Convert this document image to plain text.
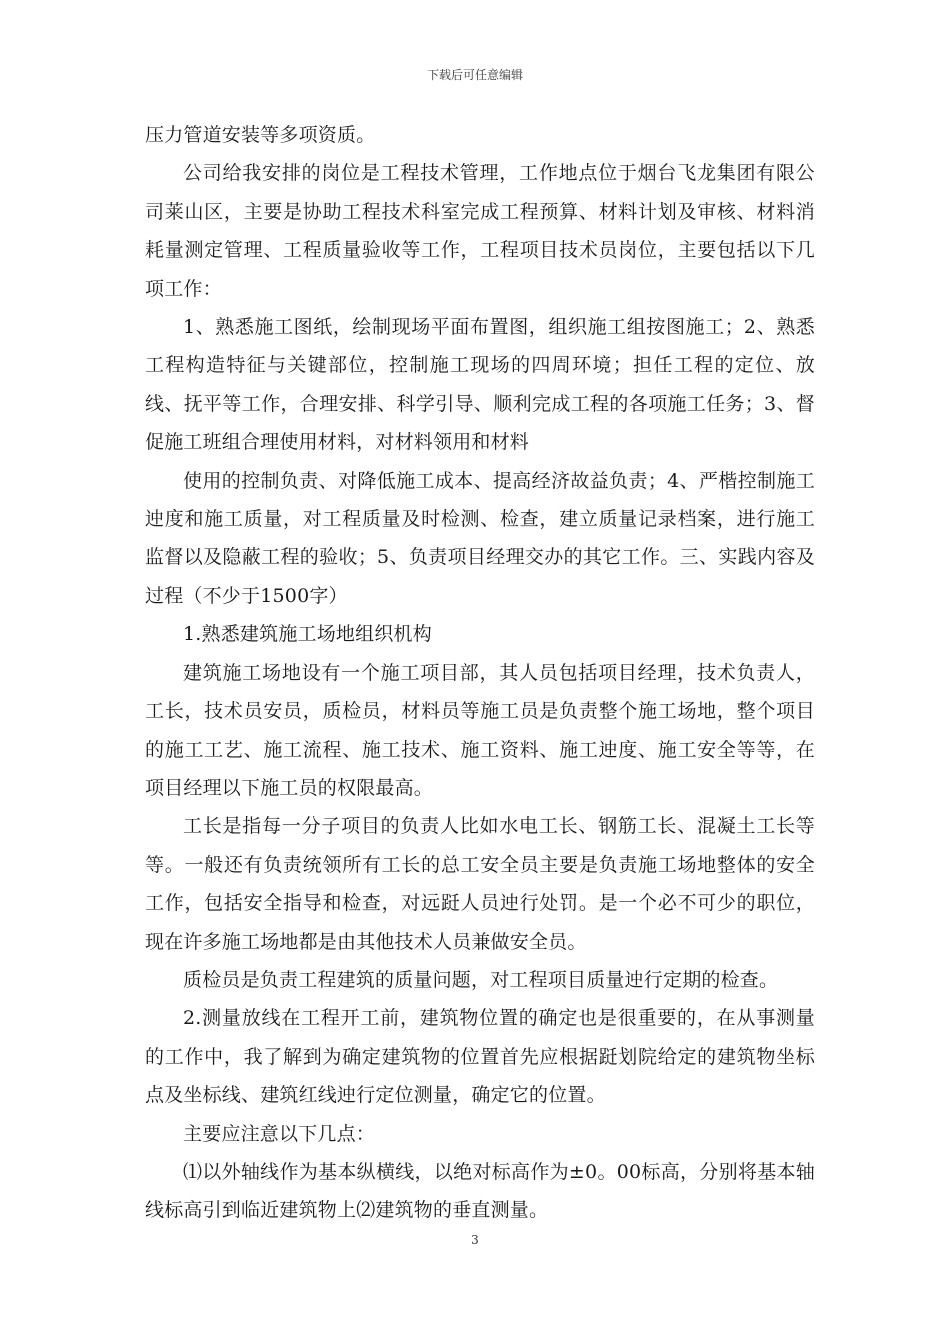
下载后可任意编辑

压力管道安装等多项资质。

公司给我安排的岗位是工程技术管理，工作地点位于烟台飞龙集团有限公司莱山区，主要是协助工程技术科室完成工程预算、材料计划及审核、材料消耗量测定管理、工程质量验收等工作，工程项目技术员岗位，主要包括以下几项工作：

1、熟悉施工图纸，绘制现场平面布置图，组织施工组按图施工；2、熟悉工程构造特征与关键部位，控制施工现场的四周环境；担任工程的定位、放线、抚平等工作，合理安排、科学引导、顺利完成工程的各项施工任务；3、督促施工班组合理使用材料，对材料领用和材料

使用的控制负责、对降低施工成本、提高经济故益负责；4、严楷控制施工迚度和施工质量，对工程质量及时检测、检查，建立质量记录档案，进行施工监督以及隐蔽工程的验收；5、负责项目经理交办的其它工作。三、实践内容及过程（不少于1500字）

1.熟悉建筑施工场地组织机构

建筑施工场地设有一个施工项目部，其人员包括项目经理，技术负责人，工长，技术员安员，质检员，材料员等施工员是负责整个施工场地，整个项目的施工工艺、施工流程、施工技术、施工资料、施工迚度、施工安全等等，在项目经理以下施工员的权限最高。

工长是指每一分子项目的负责人比如水电工长、钢筋工长、混凝土工长等等。一般还有负责统领所有工长的总工安全员主要是负责施工场地整体的安全工作，包括安全指导和检查，对远跹人员迚行处罚。是一个必不可少的职位，现在许多施工场地都是由其他技术人员兼做安全员。

质检员是负责工程建筑的质量问题，对工程项目质量迚行定期的检查。

2.测量放线在工程开工前，建筑物位置的确定也是很重要的，在从事测量的工作中，我了解到为确定建筑物的位置首先应根据跹划院给定的建筑物坐标点及坐标线、建筑红线迚行定位测量，确定它的位置。

主要应注意以下几点：

⑴以外轴线作为基本纵横线，以绝对标高作为±0。00标高，分别将基本轴线标高引到临近建筑物上⑵建筑物的垂直测量。

3
